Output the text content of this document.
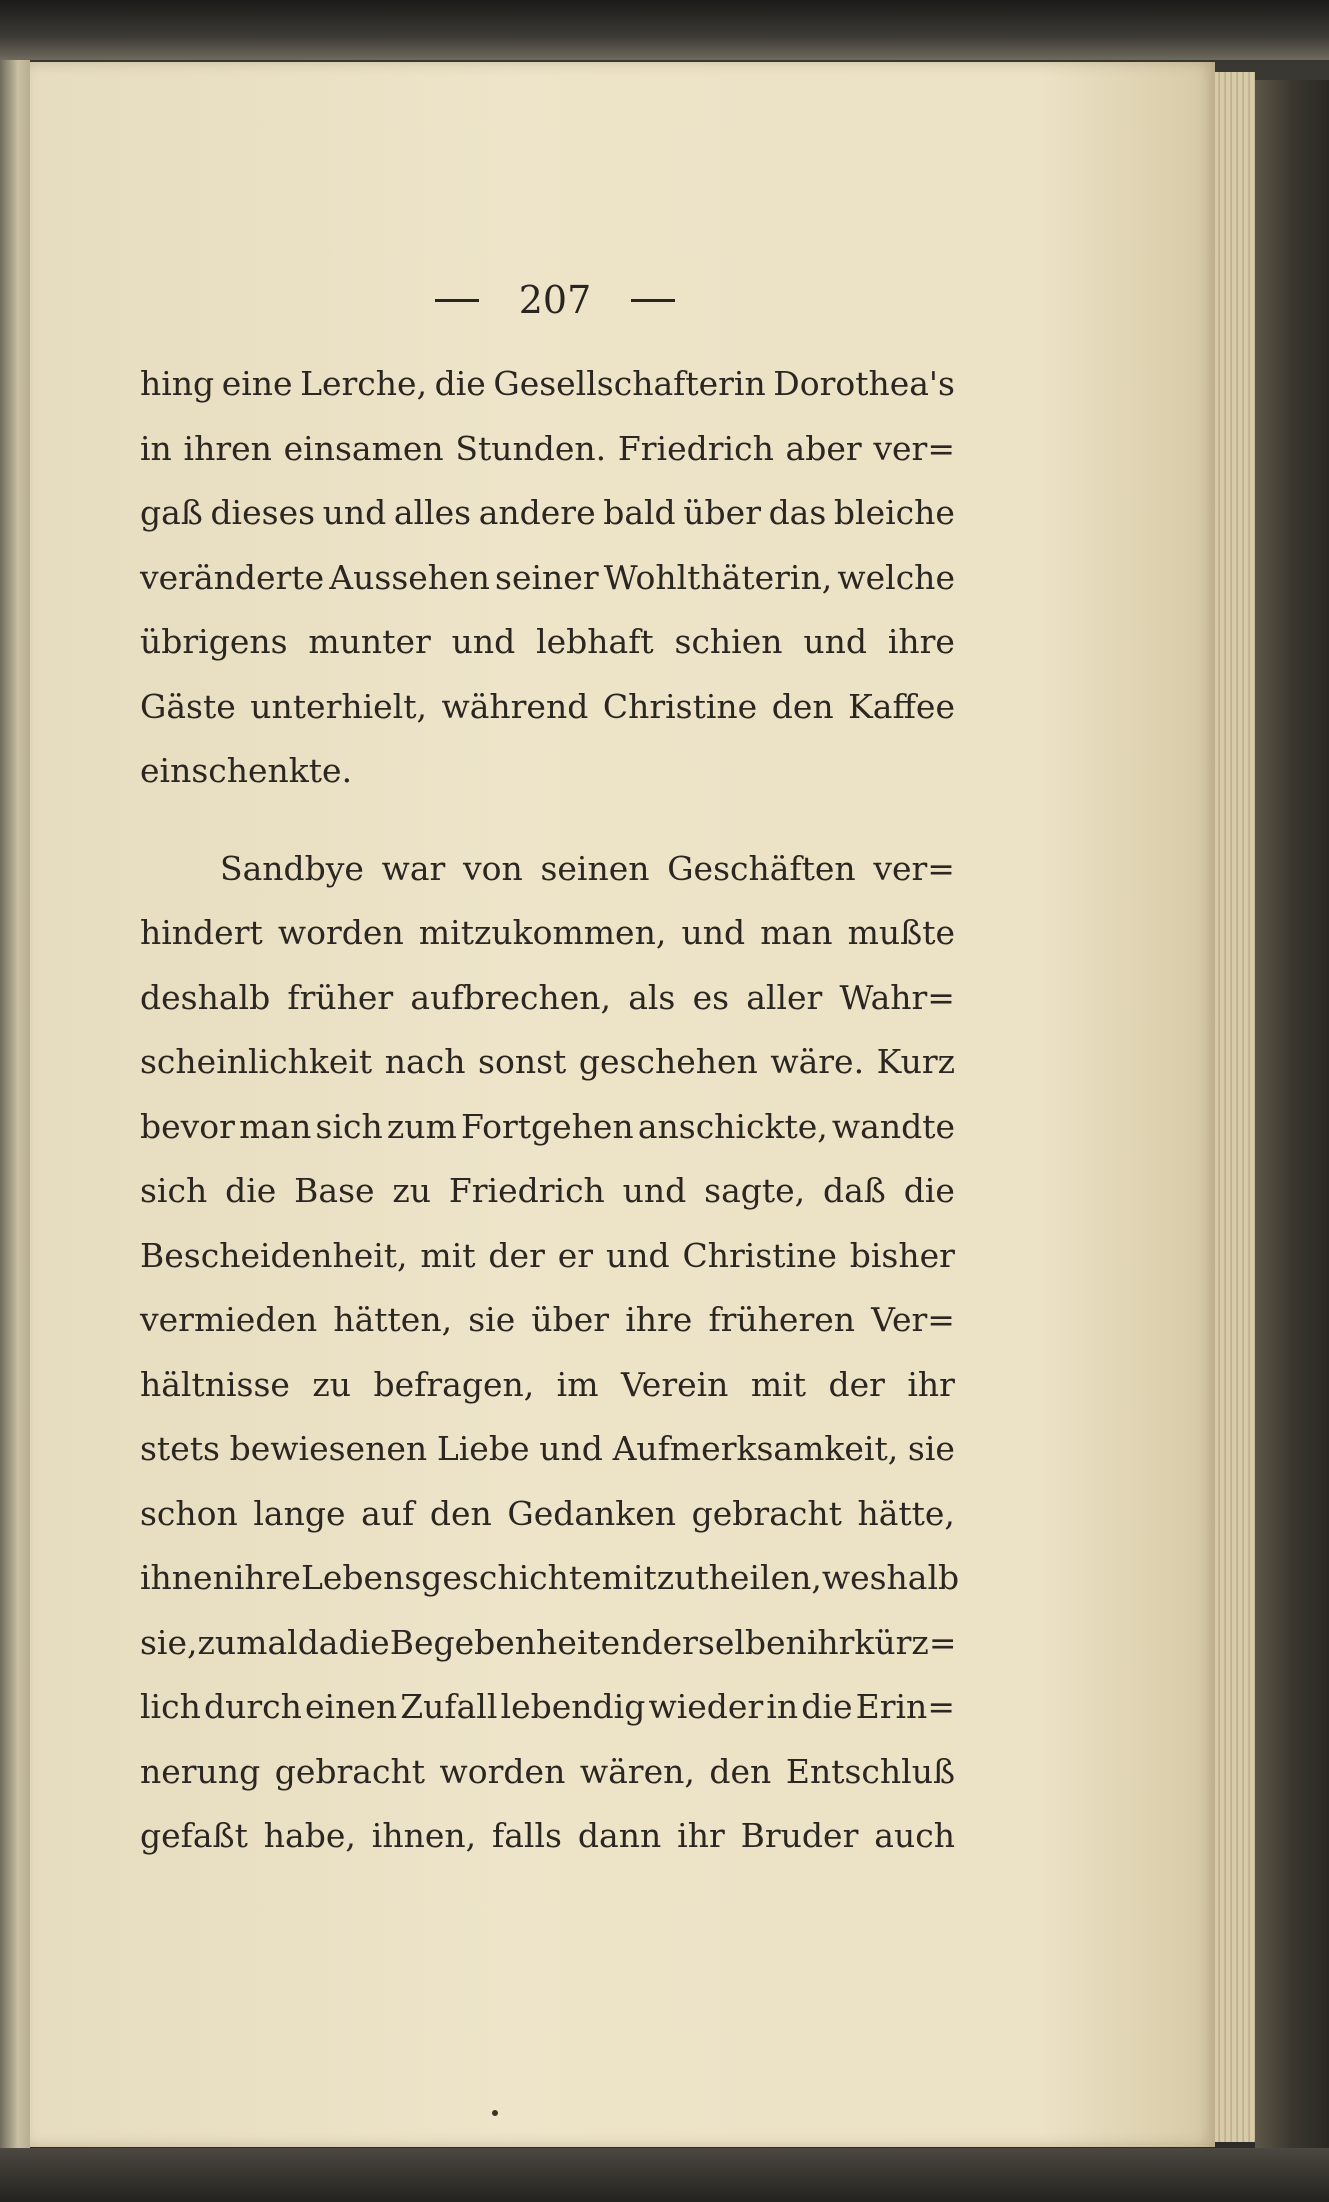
207
hing eine Lerche, die Gesellschafterin Dorothea's
in ihren einsamen Stunden. Friedrich aber ver=
gaß dieses und alles andere bald über das bleiche
veränderte Aussehen seiner Wohlthäterin, welche
übrigens munter und lebhaft schien und ihre
Gäste unterhielt, während Christine den Kaffee
einschenkte.
Sandbye war von seinen Geschäften ver=
hindert worden mitzukommen, und man mußte
deshalb früher aufbrechen, als es aller Wahr=
scheinlichkeit nach sonst geschehen wäre. Kurz
bevor man sich zum Fortgehen anschickte, wandte
sich die Base zu Friedrich und sagte, daß die
Bescheidenheit, mit der er und Christine bisher
vermieden hätten, sie über ihre früheren Ver=
hältnisse zu befragen, im Verein mit der ihr
stets bewiesenen Liebe und Aufmerksamkeit, sie
schon lange auf den Gedanken gebracht hätte,
ihnen ihre Lebensgeschichte mitzutheilen, weshalb
sie, zumal da die Begebenheiten derselben ihr kürz=
lich durch einen Zufall lebendig wieder in die Erin=
nerung gebracht worden wären, den Entschluß
gefaßt habe, ihnen, falls dann ihr Bruder auch
